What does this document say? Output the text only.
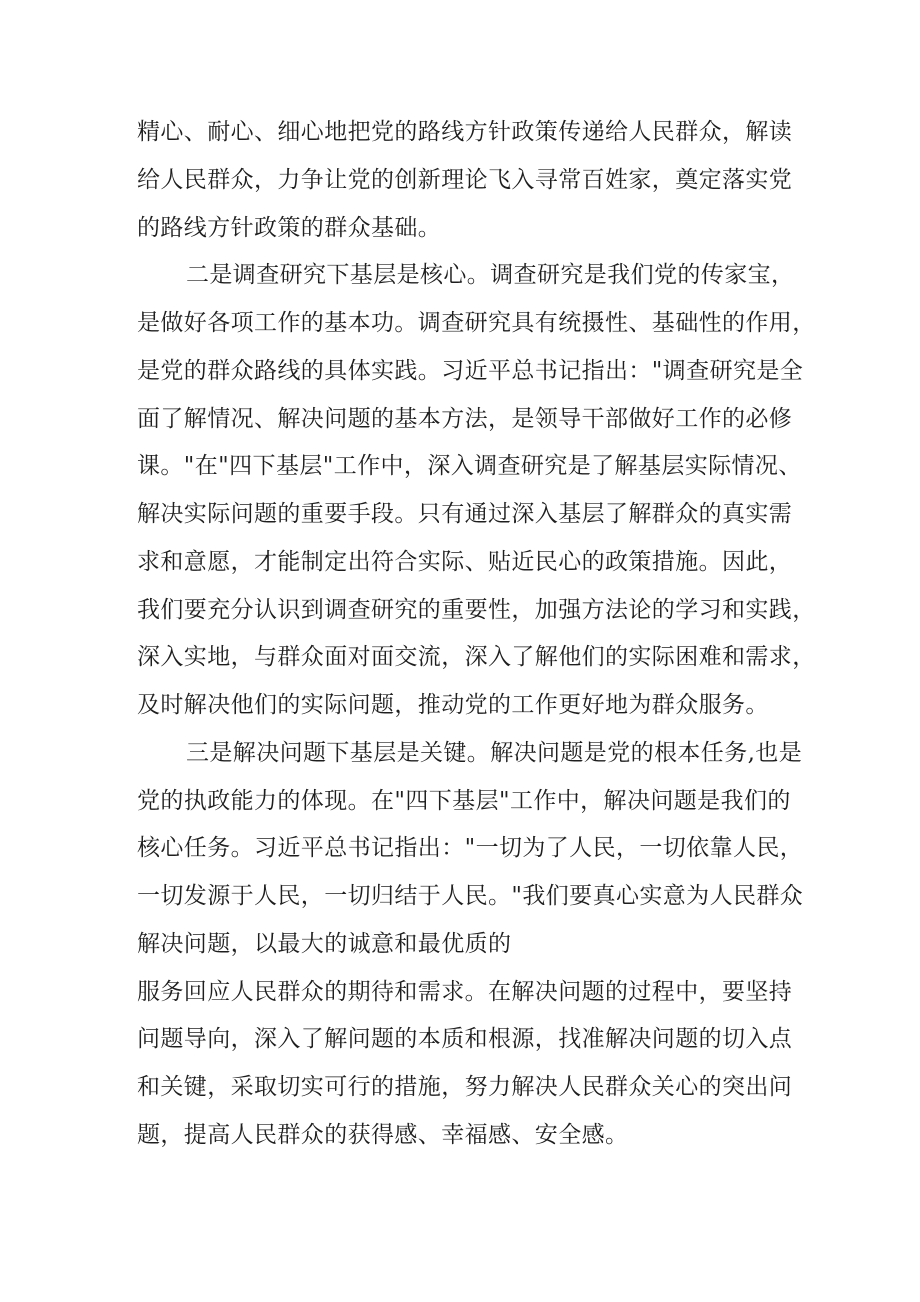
精心、耐心、细心地把党的路线方针政策传递给人民群众，解读
给人民群众，力争让党的创新理论飞入寻常百姓家，奠定落实党
的路线方针政策的群众基础。
二是调查研究下基层是核心。调查研究是我们党的传家宝，
是做好各项工作的基本功。调查研究具有统摄性、基础性的作用，
是党的群众路线的具体实践。习近平总书记指出："调查研究是全
面了解情况、解决问题的基本方法，是领导干部做好工作的必修
课。"在"四下基层"工作中，深入调查研究是了解基层实际情况、
解决实际问题的重要手段。只有通过深入基层了解群众的真实需
求和意愿，才能制定出符合实际、贴近民心的政策措施。因此，
我们要充分认识到调查研究的重要性，加强方法论的学习和实践，
深入实地，与群众面对面交流，深入了解他们的实际困难和需求，
及时解决他们的实际问题，推动党的工作更好地为群众服务。
三是解决问题下基层是关键。解决问题是党的根本任务,也是
党的执政能力的体现。在"四下基层"工作中，解决问题是我们的
核心任务。习近平总书记指出："一切为了人民，一切依靠人民，
一切发源于人民，一切归结于人民。"我们要真心实意为人民群众
解决问题，以最大的诚意和最优质的
服务回应人民群众的期待和需求。在解决问题的过程中，要坚持
问题导向，深入了解问题的本质和根源，找准解决问题的切入点
和关键，采取切实可行的措施，努力解决人民群众关心的突出问
题，提高人民群众的获得感、幸福感、安全感。
